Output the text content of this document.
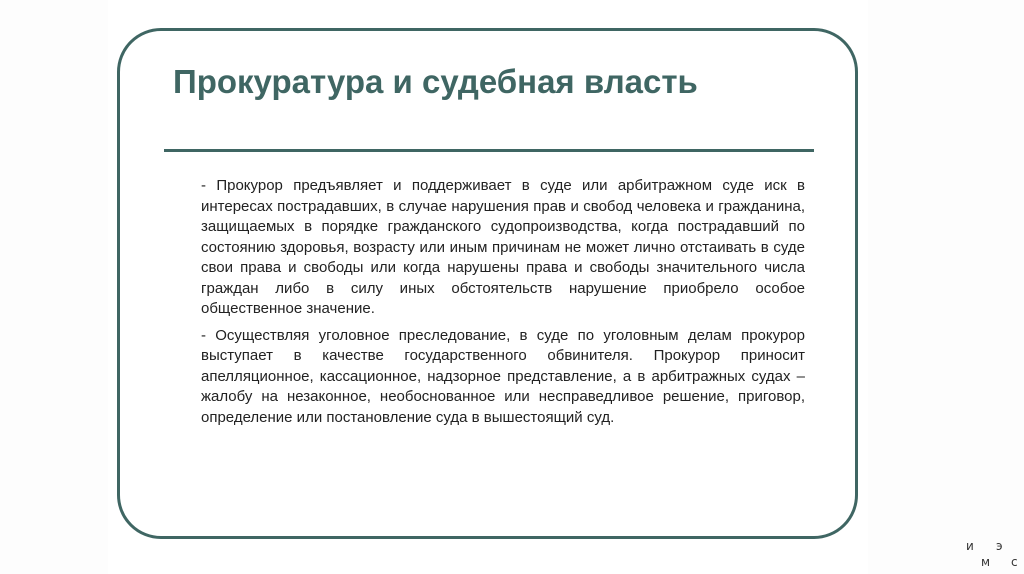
Прокуратура и судебная власть

- Прокурор предъявляет и поддерживает в суде или арбитражном суде иск в интересах пострадавших, в случае нарушения прав и свобод человека и гражданина, защищаемых в порядке гражданского судопроизводства, когда пострадавший по состоянию здоровья, возрасту или иным причинам не может лично отстаивать в суде свои права и свободы или когда нарушены права и свободы значительного числа граждан либо в силу иных обстоятельств нарушение приобрело особое общественное значение.

- Осуществляя уголовное преследование, в суде по уголовным делам прокурор выступает в качестве государственного обвинителя. Прокурор приносит апелляционное, кассационное, надзорное представление, а в арбитражных судах – жалобу на незаконное, необоснованное или несправедливое решение, приговор, определение или постановление суда в вышестоящий суд.

и э
м с
